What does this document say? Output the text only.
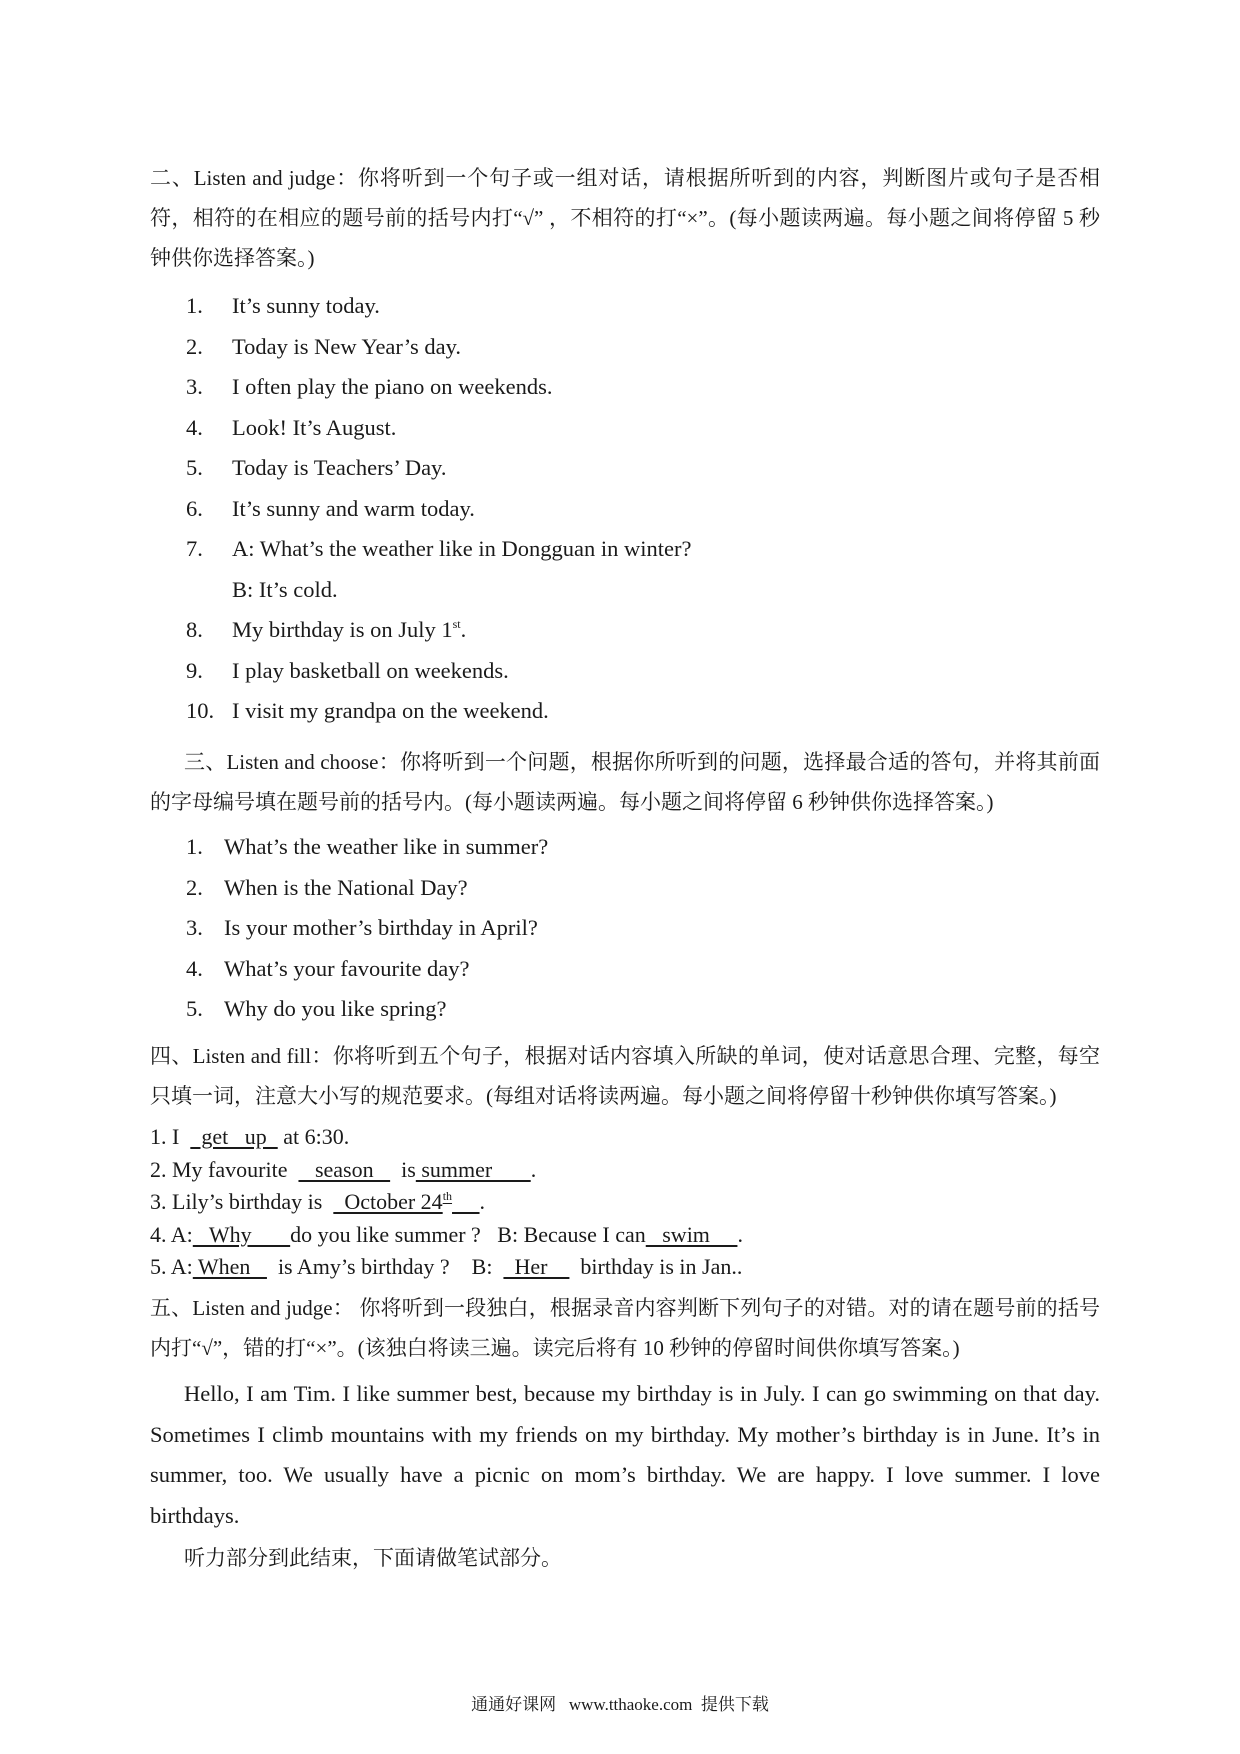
二、Listen and judge：你将听到一个句子或一组对话，请根据所听到的内容，判断图片或句子是否相符，相符的在相应的题号前的括号内打“√” ，不相符的打“×”。(每小题读两遍。每小题之间将停留 5 秒钟供你选择答案。)
1. It’s sunny today.
2. Today is New Year’s day.
3. I often play the piano on weekends.
4. Look! It’s August.
5. Today is Teachers’ Day.
6. It’s sunny and warm today.
7. A: What’s the weather like in Dongguan in winter?
B: It’s cold.
8. My birthday is on July 1st.
9. I play basketball on weekends.
10. I visit my grandpa on the weekend.
三、Listen and choose：你将听到一个问题，根据你所听到的问题，选择最合适的答句，并将其前面的字母编号填在题号前的括号内。(每小题读两遍。每小题之间将停留 6 秒钟供你选择答案。)
1. What’s the weather like in summer?
2. When is the National Day?
3. Is your mother’s birthday in April?
4. What’s your favourite day?
5. Why do you like spring?
四、Listen and fill：你将听到五个句子，根据对话内容填入所缺的单词，使对话意思合理、完整，每空只填一词，注意大小写的规范要求。(每组对话将读两遍。每小题之间将停留十秒钟供你填写答案。)
1. I    get   up   at 6:30.
2. My favourite     season     is summer       .
3. Lily’s birthday is    October 24th .
4. A:   Why       do you like summer ?   B: Because I can   swim     .
5. A: When     is Amy’s birthday ?    B:    Her      birthday is in Jan..
五、Listen and judge： 你将听到一段独白，根据录音内容判断下列句子的对错。对的请在题号前的括号内打“√”，错的打“×”。(该独白将读三遍。读完后将有 10 秒钟的停留时间供你填写答案。)
Hello, I am Tim. I like summer best, because my birthday is in July. I can go swimming on that day. Sometimes I climb mountains with my friends on my birthday. My mother’s birthday is in June. It’s in summer, too. We usually have a picnic on mom’s birthday. We are happy. I love summer. I love birthdays.
听力部分到此结束，下面请做笔试部分。
通通好课网   www.tthaoke.com  提供下载
